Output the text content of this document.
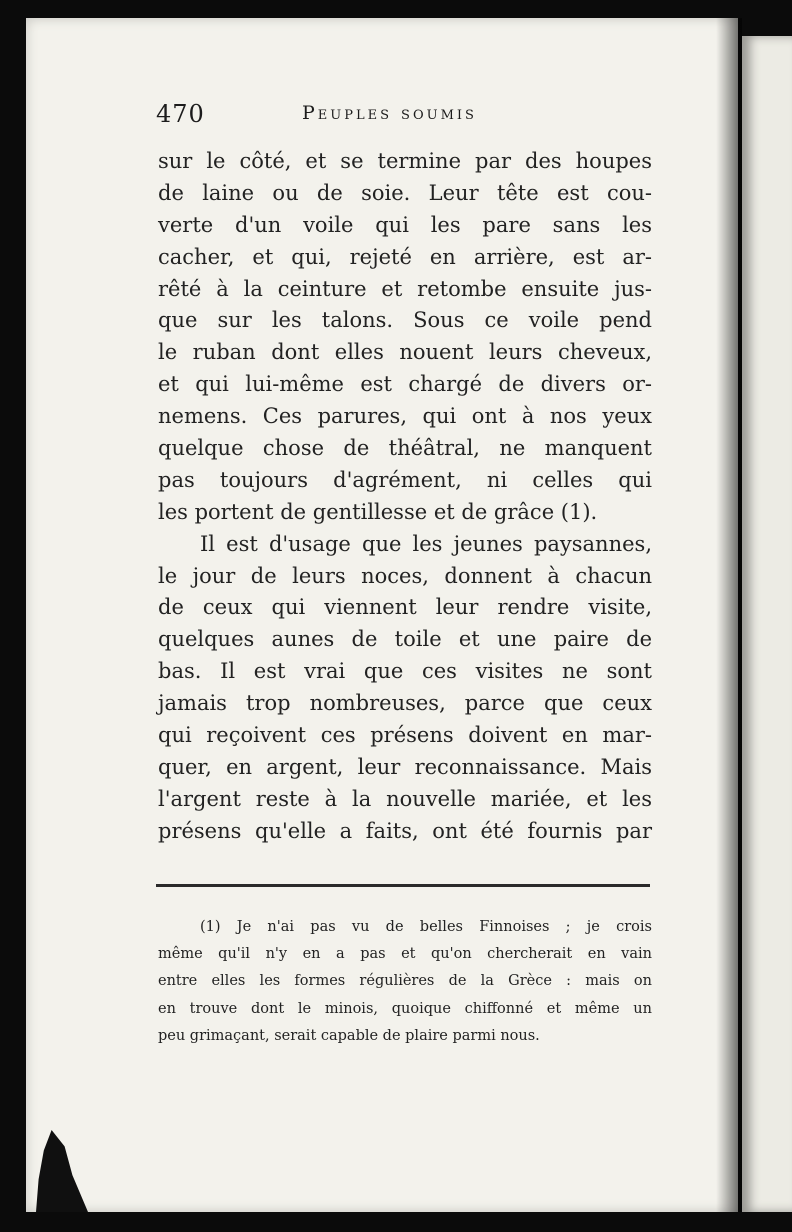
470	Peuples soumis
sur le côté, et se termine par des houpes
de laine ou de soie. Leur tête est cou-
verte d'un voile qui les pare sans les
cacher, et qui, rejeté en arrière, est ar-
rêté à la ceinture et retombe ensuite jus-
que sur les talons. Sous ce voile pend
le ruban dont elles nouent leurs cheveux,
et qui lui-même est chargé de divers or-
nemens. Ces parures, qui ont à nos yeux
quelque chose de théâtral, ne manquent
pas toujours d'agrément, ni celles qui
les portent de gentillesse et de grâce (1).
Il est d'usage que les jeunes paysannes,
le jour de leurs noces, donnent à chacun
de ceux qui viennent leur rendre visite,
quelques aunes de toile et une paire de
bas. Il est vrai que ces visites ne sont
jamais trop nombreuses, parce que ceux
qui reçoivent ces présens doivent en mar-
quer, en argent, leur reconnaissance. Mais
l'argent reste à la nouvelle mariée, et les
présens qu'elle a faits, ont été fournis par
(1) Je n'ai pas vu de belles Finnoises ; je crois
même qu'il n'y en a pas et qu'on chercherait en vain
entre elles les formes régulières de la Grèce : mais on
en trouve dont le minois, quoique chiffonné et même un
peu grimaçant, serait capable de plaire parmi nous.
